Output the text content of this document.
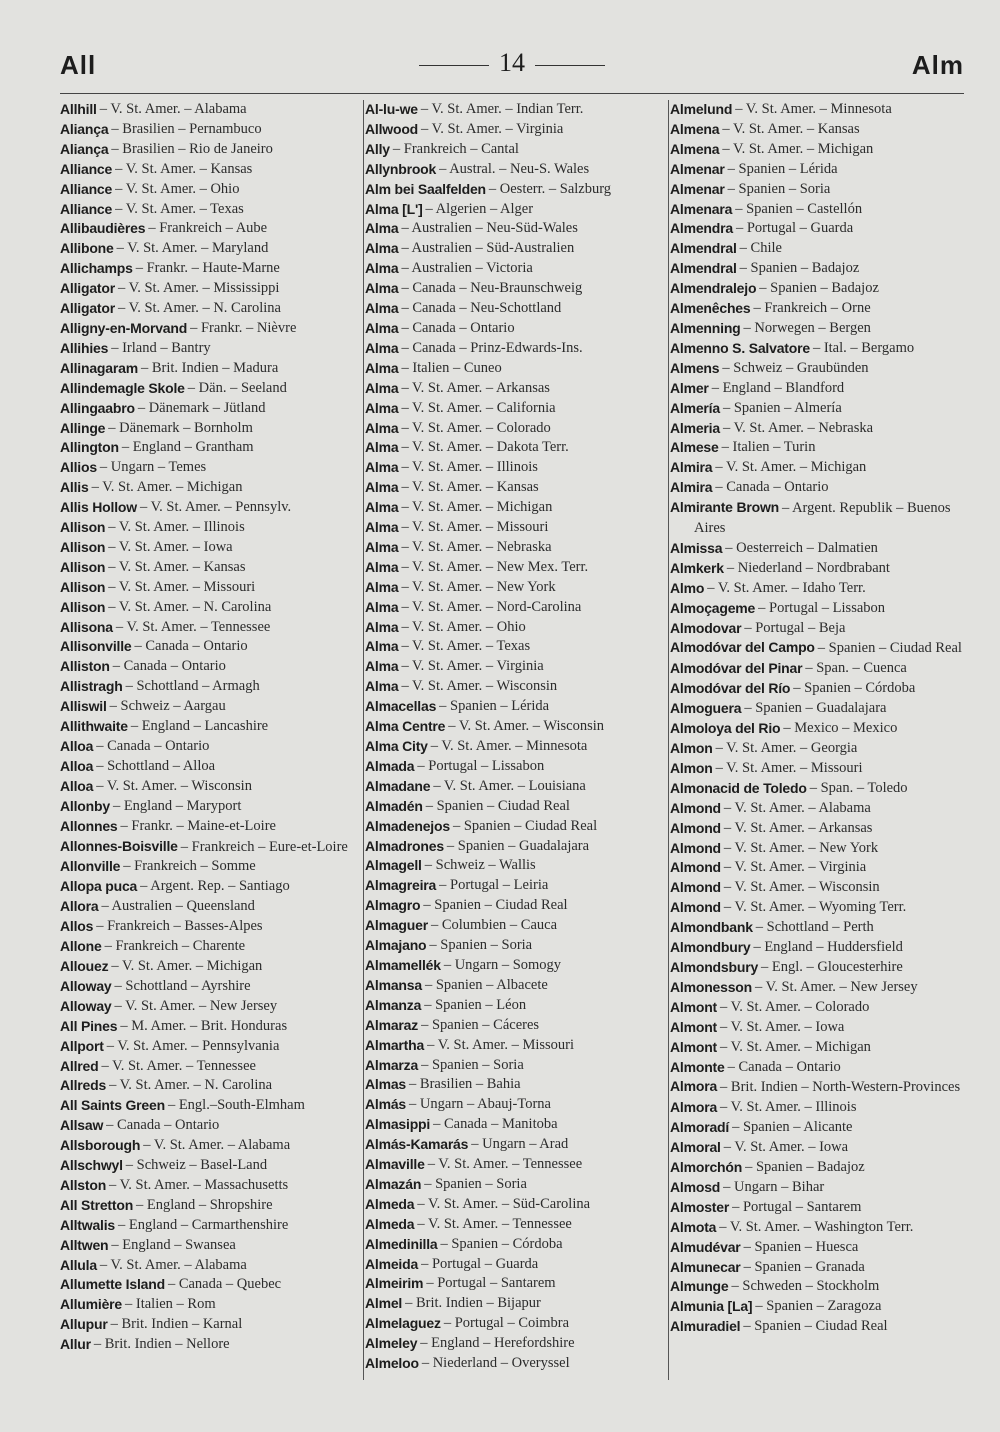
All	14	Alm
Allhill – V. St. Amer. – Alabama
Aliança – Brasilien – Pernambuco
Aliança – Brasilien – Rio de Janeiro
Alliance – V. St. Amer. – Kansas
Alliance – V. St. Amer. – Ohio
Alliance – V. St. Amer. – Texas
Allibaudières – Frankreich – Aube
Allibone – V. St. Amer. – Maryland
Allichamps – Frankr. – Haute-Marne
Alligator – V. St. Amer. – Mississippi
Alligator – V. St. Amer. – N. Carolina
Alligny-en-Morvand – Frankr. – Nièvre
Allihies – Irland – Bantry
Allinagaram – Brit. Indien – Madura
Allindemagle Skole – Dän. – Seeland
Allingaabro – Dänemark – Jütland
Allinge – Dänemark – Bornholm
Allington – England – Grantham
Allios – Ungarn – Temes
Allis – V. St. Amer. – Michigan
Allis Hollow – V. St. Amer. – Pennsylv.
Allison – V. St. Amer. – Illinois
Allison – V. St. Amer. – Iowa
Allison – V. St. Amer. – Kansas
Allison – V. St. Amer. – Missouri
Allison – V. St. Amer. – N. Carolina
Allisona – V. St. Amer. – Tennessee
Allisonville – Canada – Ontario
Alliston – Canada – Ontario
Allistragh – Schottland – Armagh
Alliswil – Schweiz – Aargau
Allithwaite – England – Lancashire
Alloa – Canada – Ontario
Alloa – Schottland – Alloa
Alloa – V. St. Amer. – Wisconsin
Allonby – England – Maryport
Allonnes – Frankr. – Maine-et-Loire
Allonnes-Boisville – Frankreich – Eure-et-Loire
Allonville – Frankreich – Somme
Allopa puca – Argent. Rep. – Santiago
Allora – Australien – Queensland
Allos – Frankreich – Basses-Alpes
Allone – Frankreich – Charente
Allouez – V. St. Amer. – Michigan
Alloway – Schottland – Ayrshire
Alloway – V. St. Amer. – New Jersey
All Pines – M. Amer. – Brit. Honduras
Allport – V. St. Amer. – Pennsylvania
Allred – V. St. Amer. – Tennessee
Allreds – V. St. Amer. – N. Carolina
All Saints Green – Engl.–South-Elmham
Allsaw – Canada – Ontario
Allsborough – V. St. Amer. – Alabama
Allschwyl – Schweiz – Basel-Land
Allston – V. St. Amer. – Massachusetts
All Stretton – England – Shropshire
Alltwalis – England – Carmarthenshire
Alltwen – England – Swansea
Allula – V. St. Amer. – Alabama
Allumette Island – Canada – Quebec
Allumière – Italien – Rom
Allupur – Brit. Indien – Karnal
Allur – Brit. Indien – Nellore
Al-lu-we – V. St. Amer. – Indian Terr.
Allwood – V. St. Amer. – Virginia
Ally – Frankreich – Cantal
Allynbrook – Austral. – Neu-S. Wales
Alm bei Saalfelden – Oesterr. – Salzburg
Alma [L'] – Algerien – Alger
Alma – Australien – Neu-Süd-Wales
Alma – Australien – Süd-Australien
Alma – Australien – Victoria
Alma – Canada – Neu-Braunschweig
Alma – Canada – Neu-Schottland
Alma – Canada – Ontario
Alma – Canada – Prinz-Edwards-Ins.
Alma – Italien – Cuneo
Alma – V. St. Amer. – Arkansas
Alma – V. St. Amer. – California
Alma – V. St. Amer. – Colorado
Alma – V. St. Amer. – Dakota Terr.
Alma – V. St. Amer. – Illinois
Alma – V. St. Amer. – Kansas
Alma – V. St. Amer. – Michigan
Alma – V. St. Amer. – Missouri
Alma – V. St. Amer. – Nebraska
Alma – V. St. Amer. – New Mex. Terr.
Alma – V. St. Amer. – New York
Alma – V. St. Amer. – Nord-Carolina
Alma – V. St. Amer. – Ohio
Alma – V. St. Amer. – Texas
Alma – V. St. Amer. – Virginia
Alma – V. St. Amer. – Wisconsin
Almacellas – Spanien – Lérida
Alma Centre – V. St. Amer. – Wisconsin
Alma City – V. St. Amer. – Minnesota
Almada – Portugal – Lissabon
Almadane – V. St. Amer. – Louisiana
Almadén – Spanien – Ciudad Real
Almadenejos – Spanien – Ciudad Real
Almadrones – Spanien – Guadalajara
Almagell – Schweiz – Wallis
Almagreira – Portugal – Leiria
Almagro – Spanien – Ciudad Real
Almaguer – Columbien – Cauca
Almajano – Spanien – Soria
Almamellék – Ungarn – Somogy
Almansa – Spanien – Albacete
Almanza – Spanien – Léon
Almaraz – Spanien – Cáceres
Almartha – V. St. Amer. – Missouri
Almarza – Spanien – Soria
Almas – Brasilien – Bahia
Almás – Ungarn – Abauj-Torna
Almasippi – Canada – Manitoba
Almás-Kamarás – Ungarn – Arad
Almaville – V. St. Amer. – Tennessee
Almazán – Spanien – Soria
Almeda – V. St. Amer. – Süd-Carolina
Almeda – V. St. Amer. – Tennessee
Almedinilla – Spanien – Córdoba
Almeida – Portugal – Guarda
Almeirim – Portugal – Santarem
Almel – Brit. Indien – Bijapur
Almelaguez – Portugal – Coimbra
Almeley – England – Herefordshire
Almeloo – Niederland – Overyssel
Almelund – V. St. Amer. – Minnesota
Almena – V. St. Amer. – Kansas
Almena – V. St. Amer. – Michigan
Almenar – Spanien – Lérida
Almenar – Spanien – Soria
Almenara – Spanien – Castellón
Almendra – Portugal – Guarda
Almendral – Chile
Almendral – Spanien – Badajoz
Almendralejo – Spanien – Badajoz
Almenêches – Frankreich – Orne
Almenning – Norwegen – Bergen
Almenno S. Salvatore – Ital. – Bergamo
Almens – Schweiz – Graubünden
Almer – England – Blandford
Almería – Spanien – Almería
Almeria – V. St. Amer. – Nebraska
Almese – Italien – Turin
Almira – V. St. Amer. – Michigan
Almira – Canada – Ontario
Almirante Brown – Argent. Republik – Buenos Aires
Almissa – Oesterreich – Dalmatien
Almkerk – Niederland – Nordbrabant
Almo – V. St. Amer. – Idaho Terr.
Almoçageme – Portugal – Lissabon
Almodovar – Portugal – Beja
Almodóvar del Campo – Spanien – Ciudad Real
Almodóvar del Pinar – Span. – Cuenca
Almodóvar del Río – Spanien – Córdoba
Almoguera – Spanien – Guadalajara
Almoloya del Rio – Mexico – Mexico
Almon – V. St. Amer. – Georgia
Almon – V. St. Amer. – Missouri
Almonacid de Toledo – Span. – Toledo
Almond – V. St. Amer. – Alabama
Almond – V. St. Amer. – Arkansas
Almond – V. St. Amer. – New York
Almond – V. St. Amer. – Virginia
Almond – V. St. Amer. – Wisconsin
Almond – V. St. Amer. – Wyoming Terr.
Almondbank – Schottland – Perth
Almondbury – England – Huddersfield
Almondsbury – Engl. – Gloucesterhire
Almonesson – V. St. Amer. – New Jersey
Almont – V. St. Amer. – Colorado
Almont – V. St. Amer. – Iowa
Almont – V. St. Amer. – Michigan
Almonte – Canada – Ontario
Almora – Brit. Indien – North-Western-Provinces
Almora – V. St. Amer. – Illinois
Almoradí – Spanien – Alicante
Almoral – V. St. Amer. – Iowa
Almorchón – Spanien – Badajoz
Almosd – Ungarn – Bihar
Almoster – Portugal – Santarem
Almota – V. St. Amer. – Washington Terr.
Almudévar – Spanien – Huesca
Almunecar – Spanien – Granada
Almunge – Schweden – Stockholm
Almunia [La] – Spanien – Zaragoza
Almuradiel – Spanien – Ciudad Real
